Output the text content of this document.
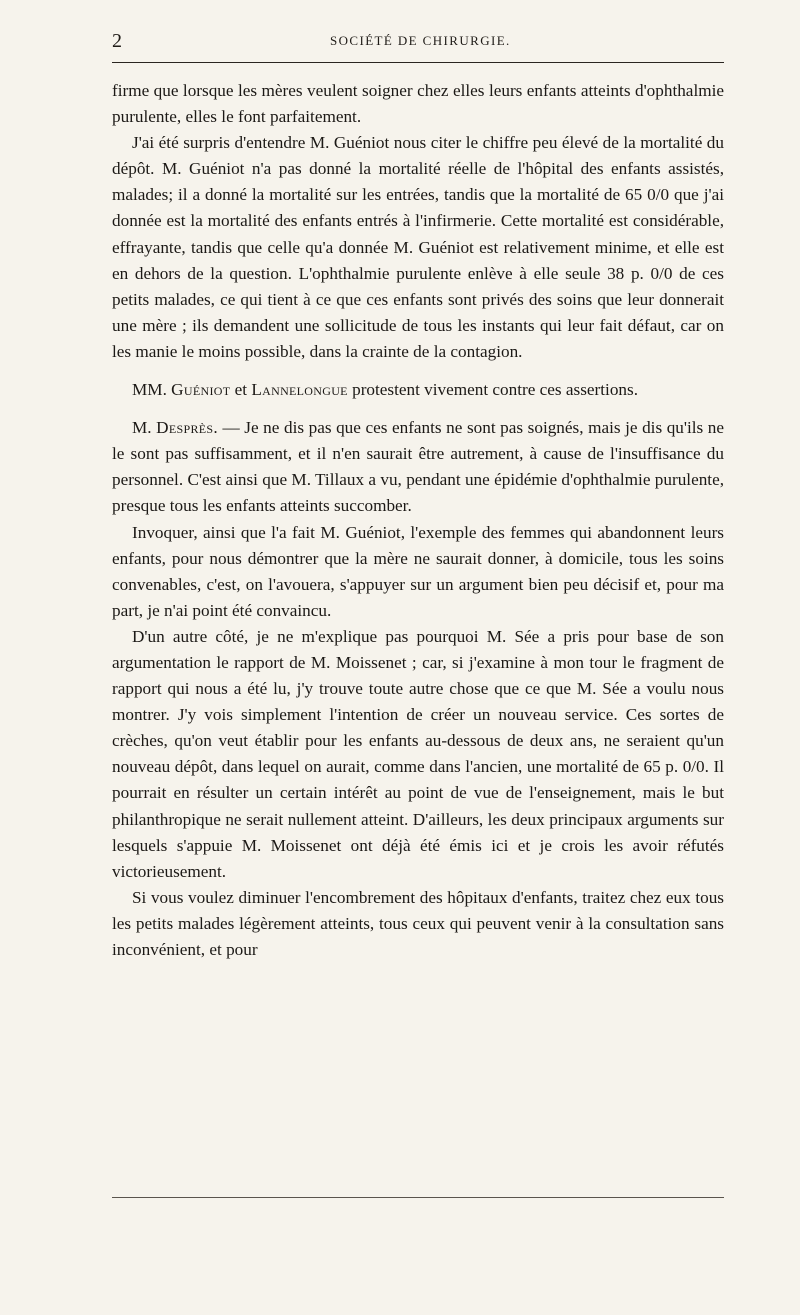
2	SOCIÉTÉ DE CHIRURGIE.

firme que lorsque les mères veulent soigner chez elles leurs enfants atteints d'ophthalmie purulente, elles le font parfaitement.

J'ai été surpris d'entendre M. Guéniot nous citer le chiffre peu élevé de la mortalité du dépôt. M. Guéniot n'a pas donné la mortalité réelle de l'hôpital des enfants assistés, malades; il a donné la mortalité sur les entrées, tandis que la mortalité de 65 0/0 que j'ai donnée est la mortalité des enfants entrés à l'infirmerie. Cette mortalité est considérable, effrayante, tandis que celle qu'a donnée M. Guéniot est relativement minime, et elle est en dehors de la question. L'ophthalmie purulente enlève à elle seule 38 p. 0/0 de ces petits malades, ce qui tient à ce que ces enfants sont privés des soins que leur donnerait une mère ; ils demandent une sollicitude de tous les instants qui leur fait défaut, car on les manie le moins possible, dans la crainte de la contagion.

MM. Guéniot et Lannelongue protestent vivement contre ces assertions.

M. Desprès. — Je ne dis pas que ces enfants ne sont pas soignés, mais je dis qu'ils ne le sont pas suffisamment, et il n'en saurait être autrement, à cause de l'insuffisance du personnel. C'est ainsi que M. Tillaux a vu, pendant une épidémie d'ophthalmie purulente, presque tous les enfants atteints succomber.

Invoquer, ainsi que l'a fait M. Guéniot, l'exemple des femmes qui abandonnent leurs enfants, pour nous démontrer que la mère ne saurait donner, à domicile, tous les soins convenables, c'est, on l'avouera, s'appuyer sur un argument bien peu décisif et, pour ma part, je n'ai point été convaincu.

D'un autre côté, je ne m'explique pas pourquoi M. Sée a pris pour base de son argumentation le rapport de M. Moissenet ; car, si j'examine à mon tour le fragment de rapport qui nous a été lu, j'y trouve toute autre chose que ce que M. Sée a voulu nous montrer. J'y vois simplement l'intention de créer un nouveau service. Ces sortes de crèches, qu'on veut établir pour les enfants au-dessous de deux ans, ne seraient qu'un nouveau dépôt, dans lequel on aurait, comme dans l'ancien, une mortalité de 65 p. 0/0. Il pourrait en résulter un certain intérêt au point de vue de l'enseignement, mais le but philanthropique ne serait nullement atteint. D'ailleurs, les deux principaux arguments sur lesquels s'appuie M. Moissenet ont déjà été émis ici et je crois les avoir réfutés victorieusement.

Si vous voulez diminuer l'encombrement des hôpitaux d'enfants, traitez chez eux tous les petits malades légèrement atteints, tous ceux qui peuvent venir à la consultation sans inconvénient, et pour
